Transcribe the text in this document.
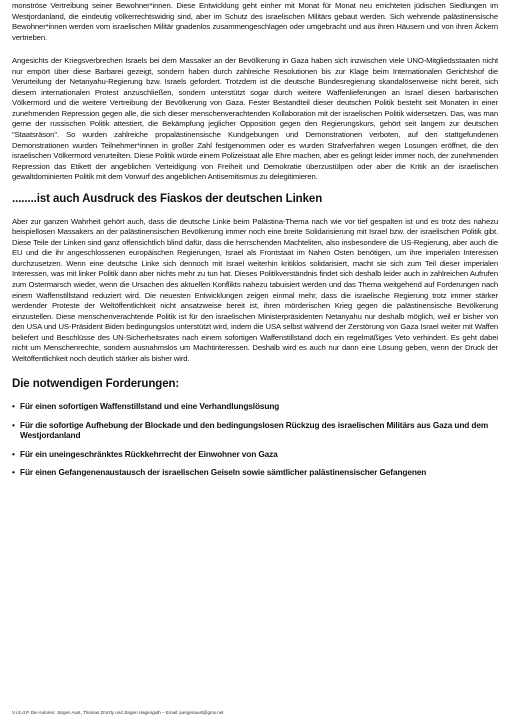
monströse Vertreibung seiner Bewohner*innen. Diese Entwicklung geht einher mit Monat für Monat neu errichteten jüdischen Siedlungen im Westjordanland, die eindeutig völkerrechtswidrig sind, aber im Schutz des israelischen Militärs gebaut werden. Sich wehrende palästinensische Bewohner*innen werden vom israelischen Militär gnadenlos zusammengeschlagen oder umgebracht und aus ihren Häusern und von ihren Äckern vertrieben.

Angesichts der Kriegsverbrechen Israels bei dem Massaker an der Bevölkerung in Gaza haben sich inzwischen viele UNO-Mitgliedsstaaten nicht nur empört über diese Barbarei gezeigt, sondern haben durch zahlreiche Resolutionen bis zur Klage beim Internationalen Gerichtshof die Verurteilung der Netanyahu-Regierung bzw. Israels gefordert. Trotzdem ist die deutsche Bundesregierung skandalöserweise nicht bereit, sich diesem internationalen Protest anzuschließen, sondern unterstützt sogar durch weitere Waffenlieferungen an Israel diesen barbarischen Völkermord und die weitere Vertreibung der Bevölkerung von Gaza. Fester Bestandteil dieser deutschen Politik besteht seit Monaten in einer zunehmenden Repression gegen alle, die sich dieser menschenverachtenden Kollaboration mit der israelischen Politik widersetzen. Das, was man gerne der russischen Politik attestiert, die Bekämpfung jeglicher Opposition gegen den Regierungskurs, gehört seit langem zur deutschen "Staatsräson". So wurden zahlreiche propalästinensische Kundgebungen und Demonstrationen verboten, auf den stattgefundenen Demonstrationen wurden Teilnehmer*innen in großer Zahl festgenommen oder es wurden Strafverfahren wegen Losungen eröffnet, die den israelischen Völkermord verurteilten. Diese Politik würde einem Polizeistaat alle Ehre machen, aber es gelingt leider immer noch, der zunehmenden Repression das Etikett der angeblichen Verteidigung von Freiheit und Demokratie überzustülpen oder aber die Kritik an der israelischen gewaltdominierten Politik mit dem Vorwurf des angeblichen Antisemitismus zu delegitimieren.

........ist auch Ausdruck des Fiaskos der deutschen Linken

Aber zur ganzen Wahrheit gehört auch, dass die deutsche Linke beim Palästina-Thema nach wie vor tief gespalten ist und es trotz des nahezu beispiellosen Massakers an der palästinensischen Bevölkerung immer noch eine breite Solidarisierung mit Israel bzw. der israelischen Politik gibt. Diese Teile der Linken sind ganz offensichtlich blind dafür, dass die herrschenden Machteliten, also insbesondere die US-Regierung, aber auch die EU und die ihr angeschlossenen europäischen Regierungen, Israel als Frontstaat im Nahen Osten benötigen, um ihre imperialen Interessen durchzusetzen. Wenn eine deutsche Linke sich dennoch mit Israel weiterhin kritiklos solidarisiert, macht sie sich zum Teil dieser imperialen Interessen, was mit linker Politik dann aber nichts mehr zu tun hat. Dieses Politikverständnis findet sich deshalb leider auch in zahlreichen Aufrufen zum Ostermarsch wieder, wenn die Ursachen des aktuellen Konflikts nahezu tabuisiert werden und das Thema weitgehend auf Forderungen nach einem Waffenstillstand reduziert wird. Die neuesten Entwicklungen zeigen einmal mehr, dass die israelische Regierung trotz immer stärker werdender Proteste der Weltöffentlichkeit nicht ansatzweise bereit ist, ihren mörderischen Krieg gegen die palästinensische Bevölkerung einzustellen. Diese menschenverachtende Politik ist für den israelischen Ministerpräsidenten Netanyahu nur deshalb möglich, weil er bisher von den USA und US-Präsident Biden bedingungslos unterstützt wird, indem die USA selbst während der Zerstörung von Gaza Israel weiter mit Waffen beliefert und Beschlüsse des UN-Sicherheitsrates nach einem sofortigen Waffenstillstand doch ein regelmäßiges Veto verhindert. Es geht dabei nicht um Menschenrechte, sondern ausnahmslos um Machtinteressen. Deshalb wird es auch nur dann eine Lösung geben, wenn der Druck der Weltöffentlichkeit noch deutlich stärker als bisher wird.

Die notwendigen Forderungen:
• Für einen sofortigen Waffenstillstand und eine Verhandlungslösung
• Für die sofortige Aufhebung der Blockade und den bedingungslosen Rückzug des israelischen Militärs aus Gaza und dem Westjordanland
• Für ein uneingeschränktes Rückkehrrecht der Einwohner von Gaza
• Für einen Gefangenenaustausch der israelischen Geiseln sowie sämtlicher palästinensischer Gefangenen
V.i.S.d.P. Die Autoren: Jürgen Aust, Thomas Zmrzly und Jürgen Hagenguth – Email: juergenaust@gmx.net
